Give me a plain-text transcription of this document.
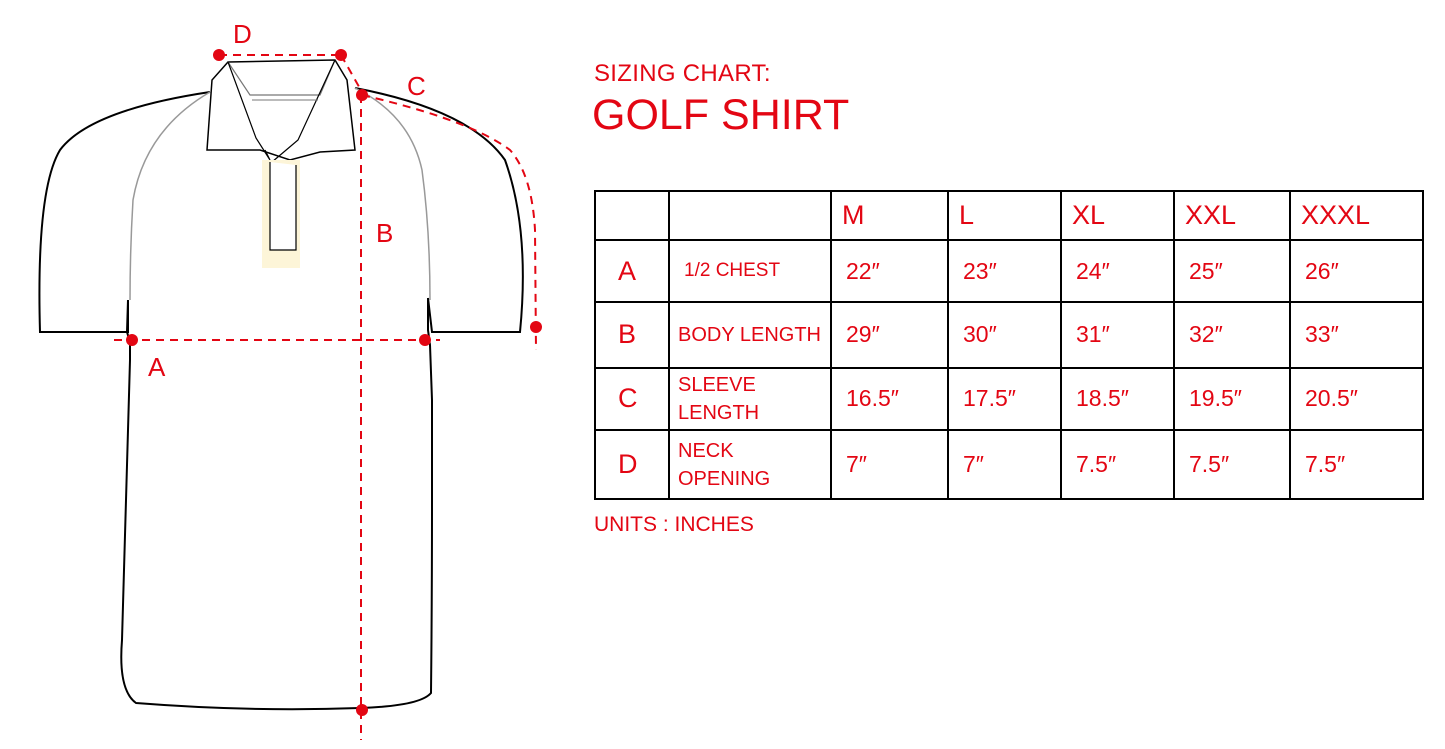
D
C
B
A
SIZING CHART:
GOLF SHIRT
		M	L	XL	XXL	XXXL
A	1/2 CHEST	22″	23″	24″	25″	26″
B	BODY LENGTH	29″	30″	31″	32″	33″
C	SLEEVE LENGTH	16.5″	17.5″	18.5″	19.5″	20.5″
D	NECK OPENING	7″	7″	7.5″	7.5″	7.5″
UNITS : INCHES
